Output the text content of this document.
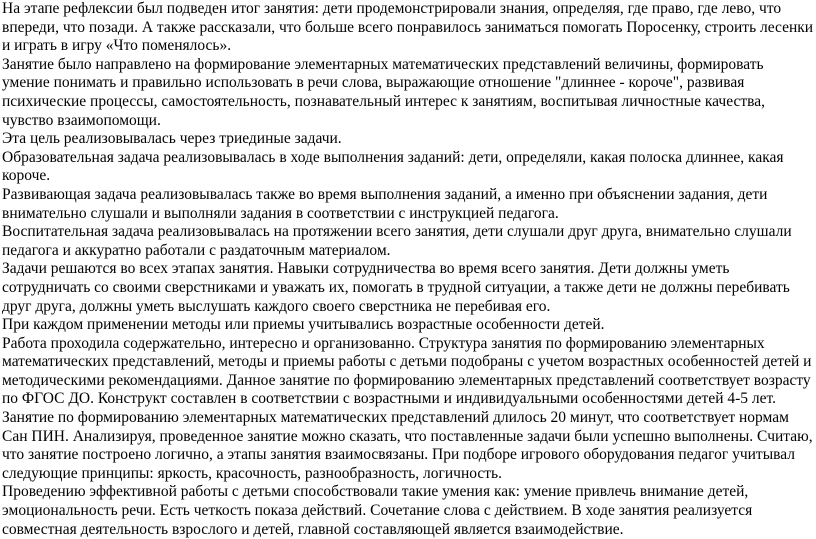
На этапе рефлексии был подведен итог занятия: дети продемонстрировали знания, определяя, где право, где лево, что впереди, что позади. А также рассказали, что больше всего понравилось заниматься помогать Поросенку, строить лесенки и играть в игру «Что поменялось».

Занятие было направлено на формирование элементарных математических представлений величины, формировать умение понимать и правильно использовать в речи слова, выражающие отношение "длиннее - короче", развивая психические процессы, самостоятельность, познавательный интерес к занятиям, воспитывая личностные качества, чувство взаимопомощи.

Эта цель реализовывалась через триединые задачи.

Образовательная задача реализовывалась в ходе выполнения заданий: дети, определяли, какая полоска длиннее, какая короче.

Развивающая задача реализовывалась также во время выполнения заданий, а именно при объяснении задания, дети внимательно слушали и выполняли задания в соответствии с инструкцией педагога.

Воспитательная задача реализовывалась на протяжении всего занятия, дети слушали друг друга, внимательно слушали педагога и аккуратно работали с раздаточным материалом.

Задачи решаются во всех этапах занятия. Навыки сотрудничества во время всего занятия. Дети должны уметь сотрудничать со своими сверстниками и уважать их, помогать в трудной ситуации, а также дети не должны перебивать друг друга, должны уметь выслушать каждого своего сверстника не перебивая его.

При каждом применении методы или приемы учитывались возрастные особенности детей.

Работа проходила содержательно, интересно и организованно. Структура занятия по формированию элементарных математических представлений, методы и приемы работы с детьми подобраны с учетом возрастных особенностей детей и методическими рекомендациями. Данное занятие по формированию элементарных представлений соответствует возрасту по ФГОС ДО. Конструкт составлен в соответствии с возрастными и индивидуальными особенностями детей 4-5 лет. Занятие по формированию элементарных математических представлений длилось 20 минут, что соответствует нормам Сан ПИН. Анализируя, проведенное занятие можно сказать, что поставленные задачи были успешно выполнены. Считаю, что занятие построено логично, а этапы занятия взаимосвязаны. При подборе игрового оборудования педагог учитывал следующие принципы: яркость, красочность, разнообразность, логичность.

Проведению эффективной работы с детьми способствовали такие умения как: умение привлечь внимание детей, эмоциональность речи. Есть четкость показа действий. Сочетание слова с действием. В ходе занятия реализуется совместная деятельность взрослого и детей, главной составляющей является взаимодействие.
